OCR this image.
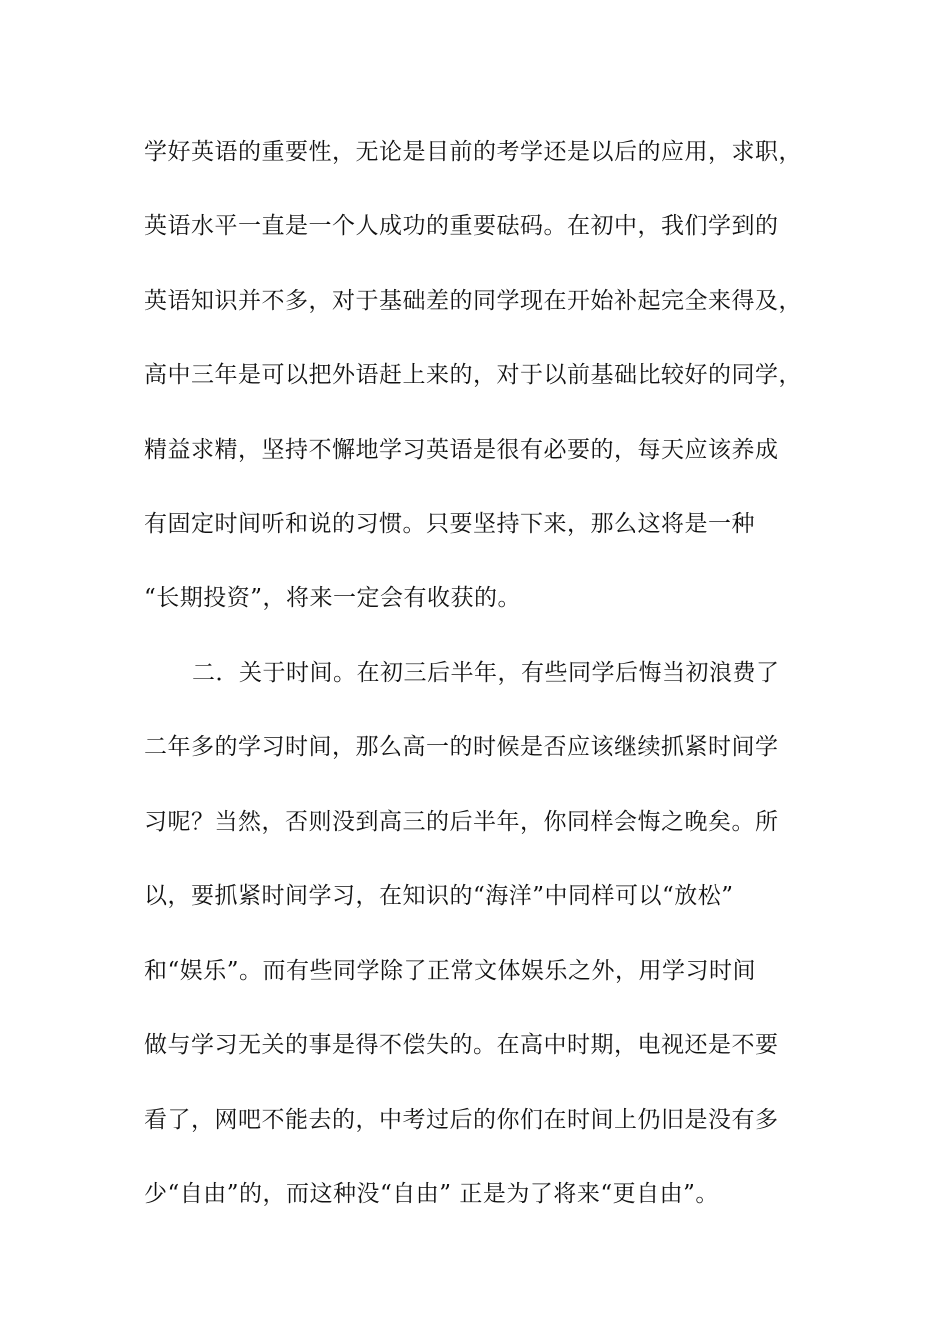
学好英语的重要性，无论是目前的考学还是以后的应用，求职，
英语水平一直是一个人成功的重要砝码。在初中，我们学到的
英语知识并不多，对于基础差的同学现在开始补起完全来得及，
高中三年是可以把外语赶上来的，对于以前基础比较好的同学，
精益求精，坚持不懈地学习英语是很有必要的，每天应该养成
有固定时间听和说的习惯。只要坚持下来，那么这将是一种
“长期投资”，将来一定会有收获的。
二．关于时间。在初三后半年，有些同学后悔当初浪费了
二年多的学习时间，那么高一的时候是否应该继续抓紧时间学
习呢？当然，否则没到高三的后半年，你同样会悔之晚矣。所
以，要抓紧时间学习，在知识的“海洋”中同样可以“放松”
和“娱乐”。而有些同学除了正常文体娱乐之外，用学习时间
做与学习无关的事是得不偿失的。在高中时期，电视还是不要
看了，网吧不能去的，中考过后的你们在时间上仍旧是没有多
少“自由”的，而这种没“自由” 正是为了将来“更自由”。
